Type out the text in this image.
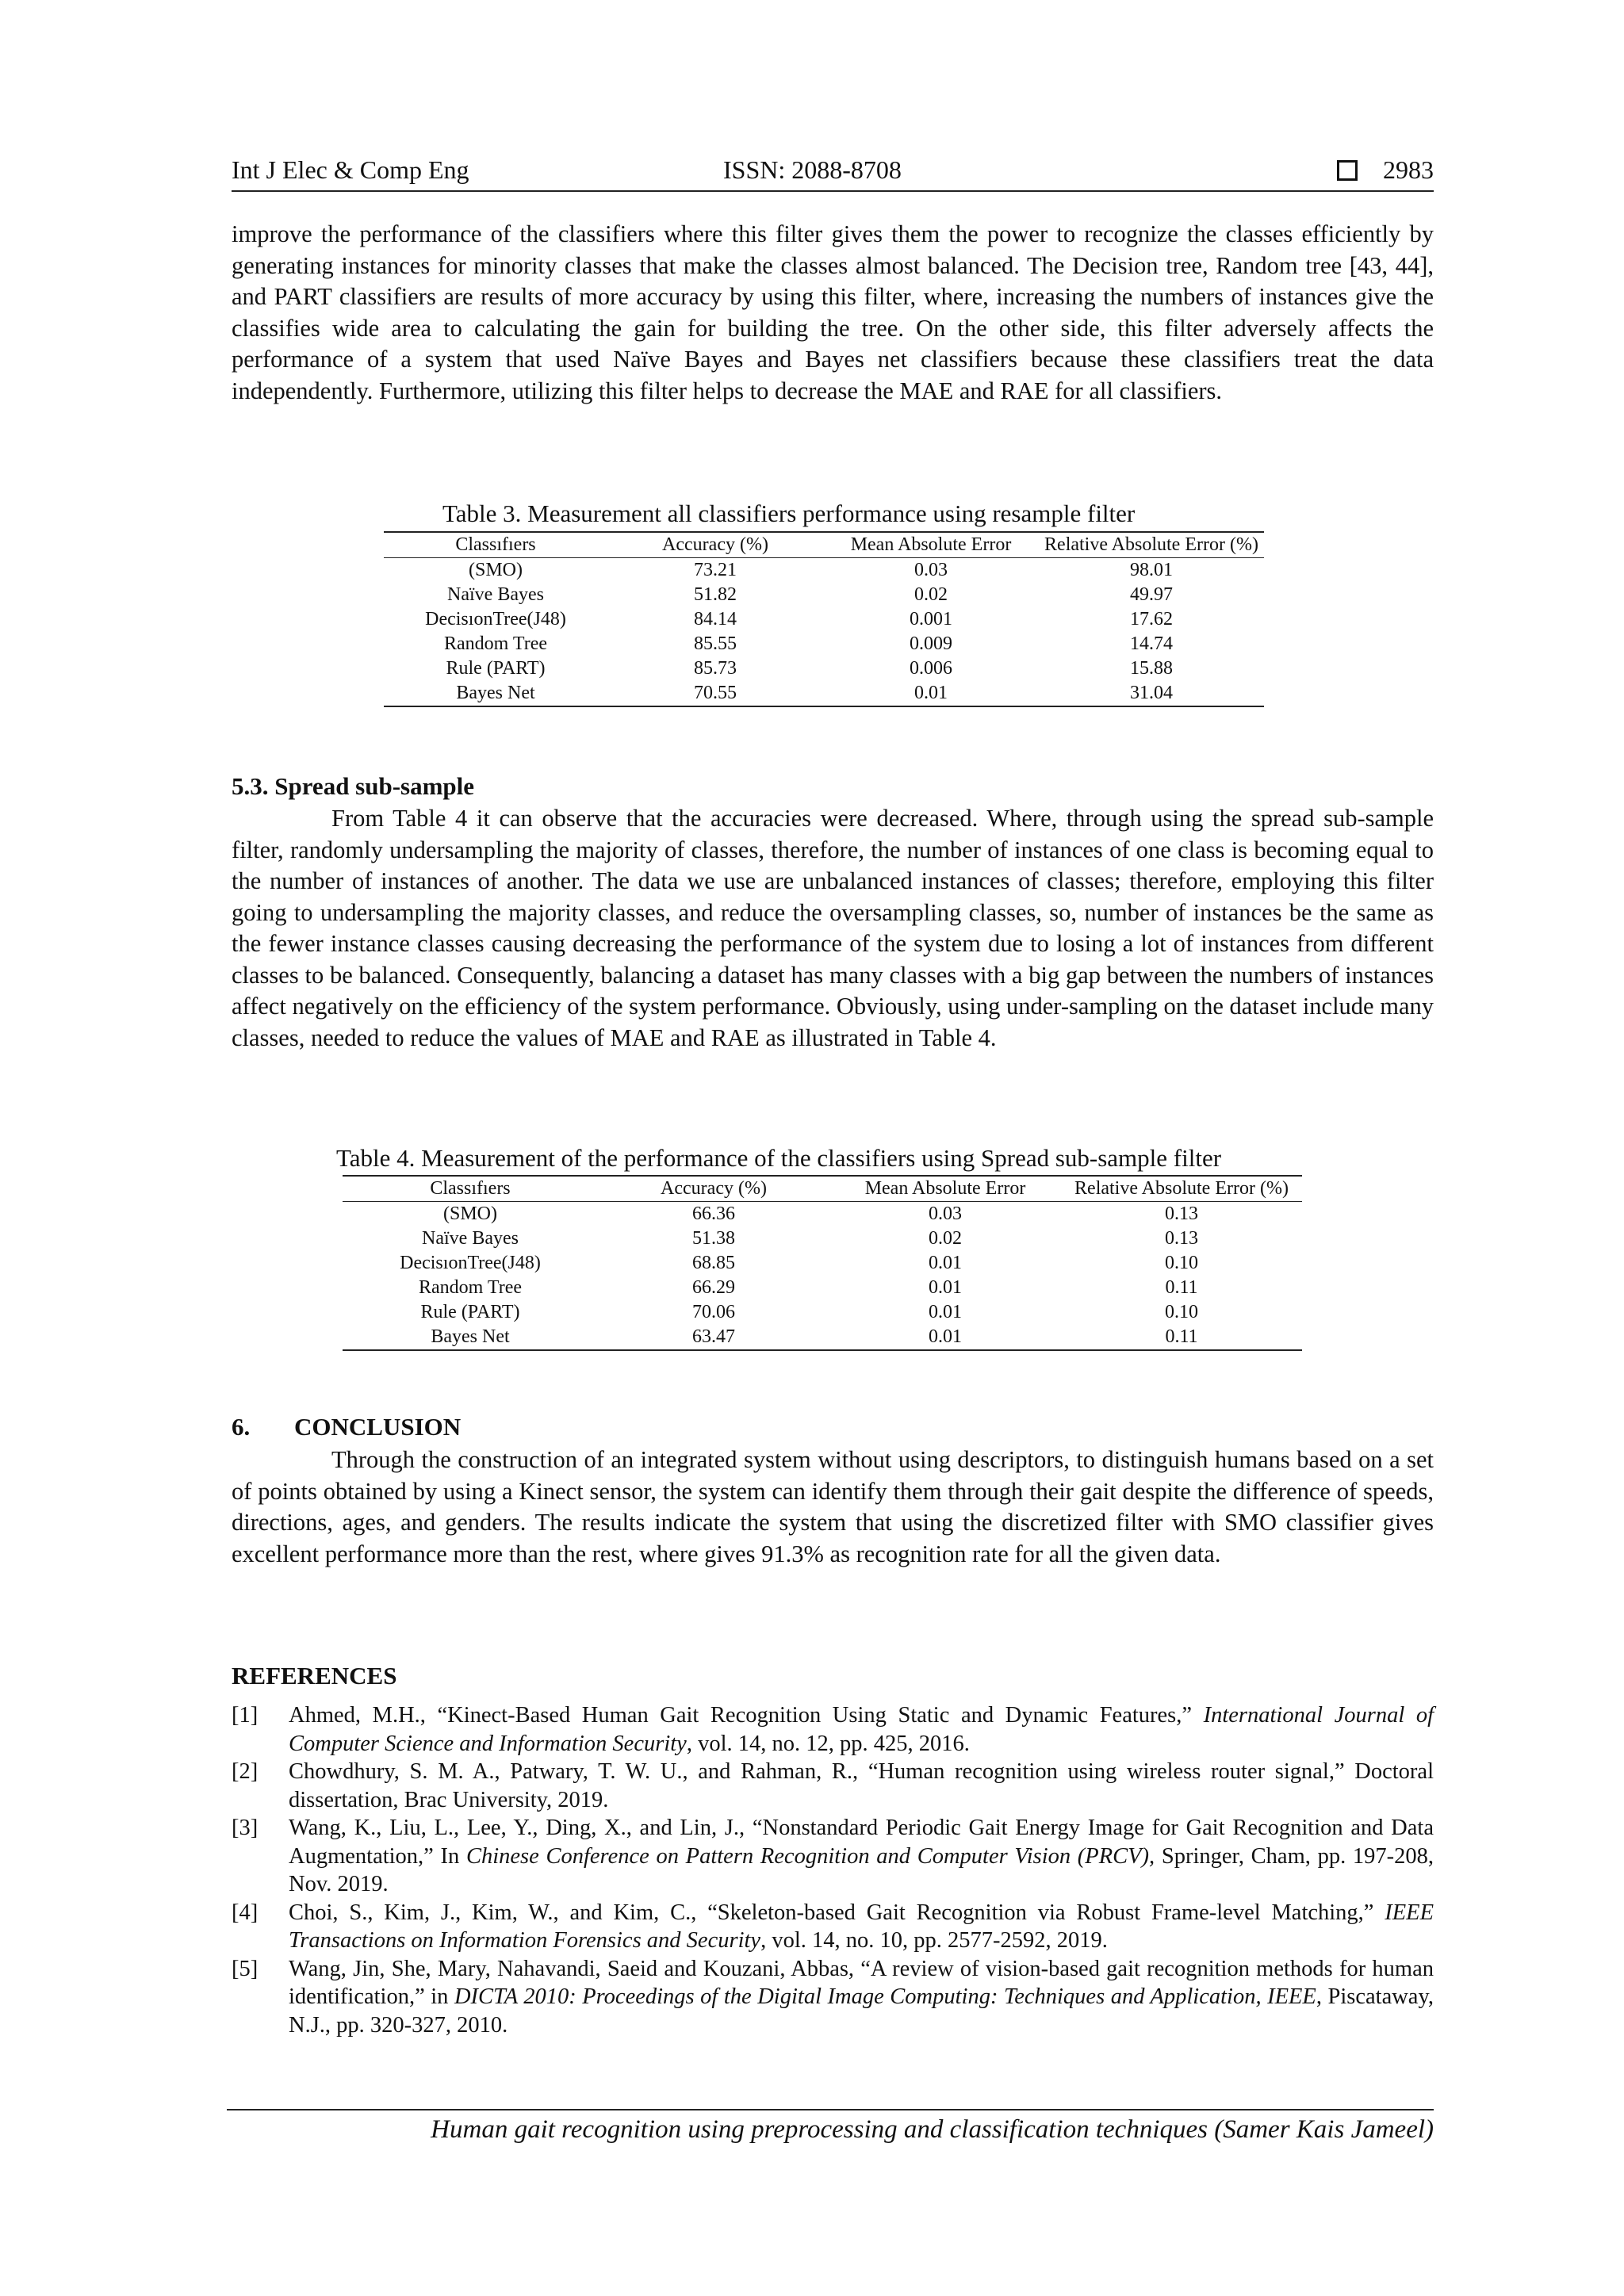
Int J Elec & Comp Eng	ISSN: 2088-8708	2983

improve the performance of the classifiers where this filter gives them the power to recognize the classes efficiently by generating instances for minority classes that make the classes almost balanced. The Decision tree, Random tree [43, 44], and PART classifiers are results of more accuracy by using this filter, where, increasing the numbers of instances give the classifies wide area to calculating the gain for building the tree. On the other side, this filter adversely affects the performance of a system that used Naïve Bayes and Bayes net classifiers because these classifiers treat the data independently. Furthermore, utilizing this filter helps to decrease the MAE and RAE for all classifiers.

Table 3. Measurement all classifiers performance using resample filter
Classıfıers	Accuracy (%)	Mean Absolute Error	Relative Absolute Error (%)
(SMO)	73.21	0.03	98.01
Naïve Bayes	51.82	0.02	49.97
DecisıonTree(J48)	84.14	0.001	17.62
Random Tree	85.55	0.009	14.74
Rule (PART)	85.73	0.006	15.88
Bayes Net	70.55	0.01	31.04
5.3. Spread sub-sample

From Table 4 it can observe that the accuracies were decreased. Where, through using the spread sub-sample filter, randomly undersampling the majority of classes, therefore, the number of instances of one class is becoming equal to the number of instances of another. The data we use are unbalanced instances of classes; therefore, employing this filter going to undersampling the majority classes, and reduce the oversampling classes, so, number of instances be the same as the fewer instance classes causing decreasing the performance of the system due to losing a lot of instances from different classes to be balanced. Consequently, balancing a dataset has many classes with a big gap between the numbers of instances affect negatively on the efficiency of the system performance. Obviously, using under-sampling on the dataset include many classes, needed to reduce the values of MAE and RAE as illustrated in Table 4.

Table 4. Measurement of the performance of the classifiers using Spread sub-sample filter
Classıfıers	Accuracy (%)	Mean Absolute Error	Relative Absolute Error (%)
(SMO)	66.36	0.03	0.13
Naïve Bayes	51.38	0.02	0.13
DecisıonTree(J48)	68.85	0.01	0.10
Random Tree	66.29	0.01	0.11
Rule (PART)	70.06	0.01	0.10
Bayes Net	63.47	0.01	0.11
6. CONCLUSION

Through the construction of an integrated system without using descriptors, to distinguish humans based on a set of points obtained by using a Kinect sensor, the system can identify them through their gait despite the difference of speeds, directions, ages, and genders. The results indicate the system that using the discretized filter with SMO classifier gives excellent performance more than the rest, where gives 91.3% as recognition rate for all the given data.

REFERENCES
[1] Ahmed, M.H., “Kinect-Based Human Gait Recognition Using Static and Dynamic Features,” International Journal of Computer Science and Information Security, vol. 14, no. 12, pp. 425, 2016.
[2] Chowdhury, S. M. A., Patwary, T. W. U., and Rahman, R., “Human recognition using wireless router signal,” Doctoral dissertation, Brac University, 2019.
[3] Wang, K., Liu, L., Lee, Y., Ding, X., and Lin, J., “Nonstandard Periodic Gait Energy Image for Gait Recognition and Data Augmentation,” In Chinese Conference on Pattern Recognition and Computer Vision (PRCV), Springer, Cham, pp. 197-208, Nov. 2019.
[4] Choi, S., Kim, J., Kim, W., and Kim, C., “Skeleton-based Gait Recognition via Robust Frame-level Matching,” IEEE Transactions on Information Forensics and Security, vol. 14, no. 10, pp. 2577-2592, 2019.
[5] Wang, Jin, She, Mary, Nahavandi, Saeid and Kouzani, Abbas, “A review of vision-based gait recognition methods for human identification,” in DICTA 2010: Proceedings of the Digital Image Computing: Techniques and Application, IEEE, Piscataway, N.J., pp. 320-327, 2010.
Human gait recognition using preprocessing and classification techniques (Samer Kais Jameel)
